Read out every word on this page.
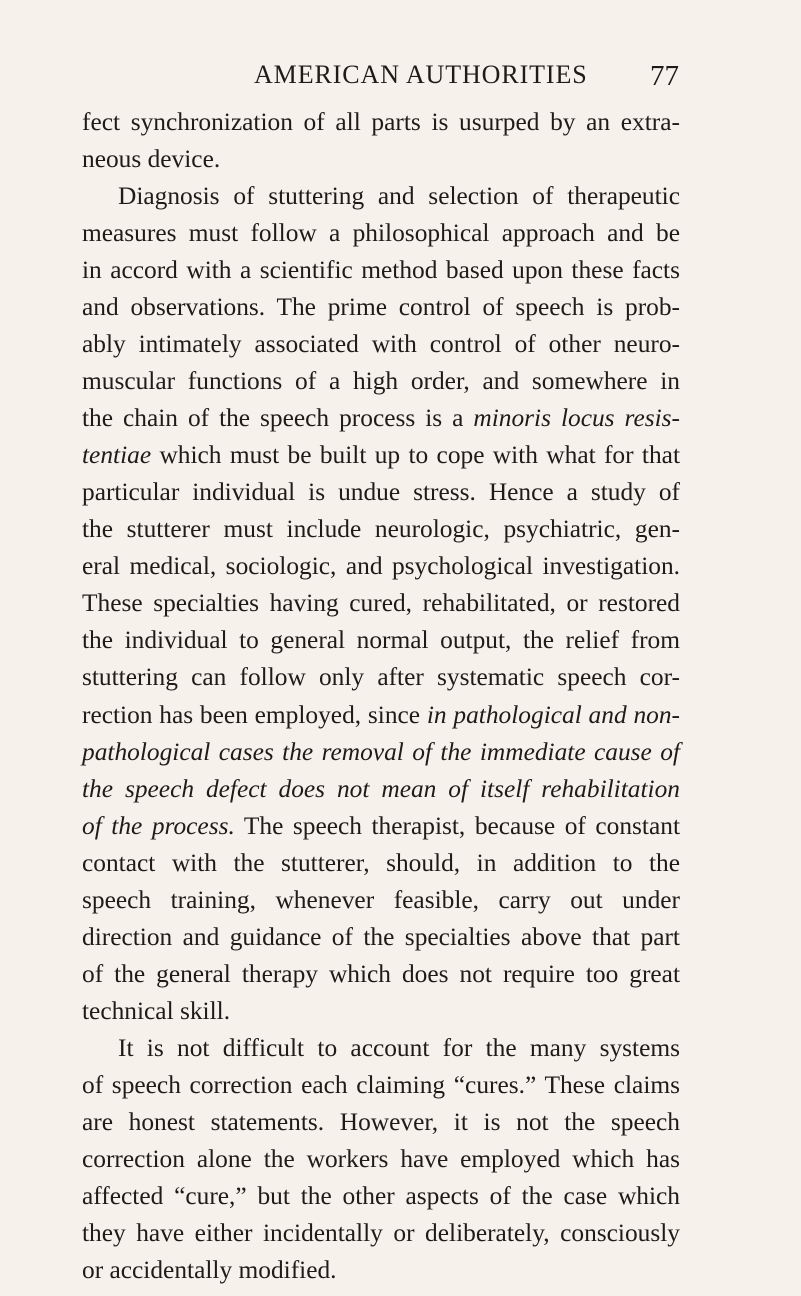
AMERICAN AUTHORITIES 77
fect synchronization of all parts is usurped by an extra-
neous device.
Diagnosis of stuttering and selection of therapeutic
measures must follow a philosophical approach and be
in accord with a scientific method based upon these facts
and observations. The prime control of speech is prob-
ably intimately associated with control of other neuro-
muscular functions of a high order, and somewhere in
the chain of the speech process is a minoris locus resis-
tentiae which must be built up to cope with what for that
particular individual is undue stress. Hence a study of
the stutterer must include neurologic, psychiatric, gen-
eral medical, sociologic, and psychological investigation.
These specialties having cured, rehabilitated, or restored
the individual to general normal output, the relief from
stuttering can follow only after systematic speech cor-
rection has been employed, since in pathological and non-
pathological cases the removal of the immediate cause of
the speech defect does not mean of itself rehabilitation
of the process. The speech therapist, because of constant
contact with the stutterer, should, in addition to the
speech training, whenever feasible, carry out under
direction and guidance of the specialties above that part
of the general therapy which does not require too great
technical skill.
It is not difficult to account for the many systems
of speech correction each claiming “cures.” These claims
are honest statements. However, it is not the speech
correction alone the workers have employed which has
affected “cure,” but the other aspects of the case which
they have either incidentally or deliberately, consciously
or accidentally modified.
